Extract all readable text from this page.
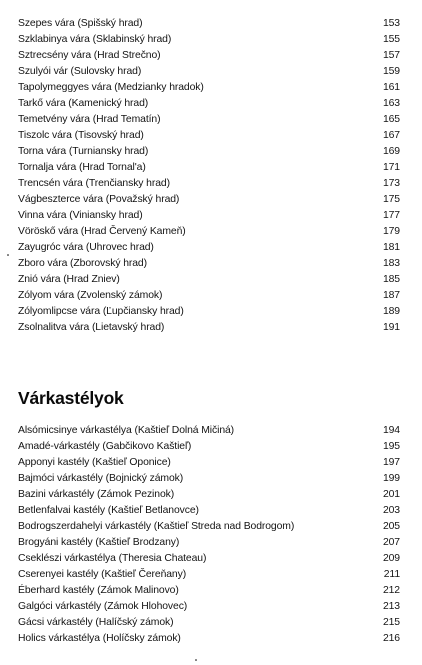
Szepes vára (Spišský hrad)	153
Szklabinya vára (Sklabinský hrad)	155
Sztrecsény vára (Hrad Strečno)	157
Szulyói vár (Sulovsky hrad)	159
Tapolymeggyes vára (Medzianky hradok)	161
Tarkő vára (Kamenický hrad)	163
Temetvény vára (Hrad Tematín)	165
Tiszolc vára (Tisovský hrad)	167
Torna vára (Turniansky hrad)	169
Tornalja vára (Hrad Tornal'a)	171
Trencsén vára (Trenčiansky hrad)	173
Vágbeszterce vára (Považský hrad)	175
Vinna vára (Viniansky hrad)	177
Vöröskő vára (Hrad Červený Kameň)	179
Zayugróc vára (Uhrovec hrad)	181
Zboro vára (Zborovský hrad)	183
Znió vára (Hrad Zniev)	185
Zólyom vára (Zvolenský zámok)	187
Zólyomlipcse vára (Ľupčiansky hrad)	189
Zsolnalitva vára (Lietavský hrad)	191
Várkastélyok
Alsómicsinye várkastélya (Kaštieľ Dolná Mičiná)	194
Amadé-várkastély (Gabčikovo Kaštieľ)	195
Apponyi kastély (Kaštieľ Oponice)	197
Bajmóci várkastély (Bojnický zámok)	199
Bazini várkastély (Zámok Pezinok)	201
Betlenfalvai kastély (Kaštieľ Betlanovce)	203
Bodrogszerdahelyi várkastély (Kaštieľ Streda nad Bodrogom)	205
Brogyáni kastély (Kaštieľ Brodzany)	207
Cseklészi várkastélya (Theresia Chateau)	209
Cserenyei kastély (Kaštieľ Čereňany)	211
Éberhard kastély (Zámok Malinovo)	212
Galgóci várkastély (Zámok Hlohovec)	213
Gácsi várkastély (Halíčský zámok)	215
Holics várkastélya (Holíčsky zámok)	216
